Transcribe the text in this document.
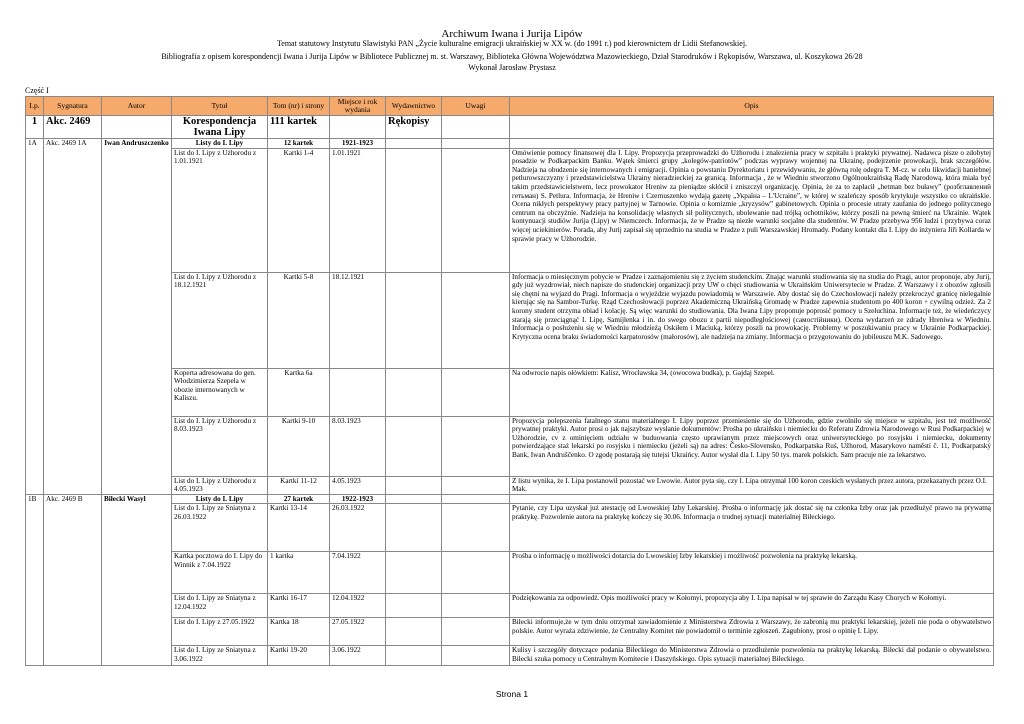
Archiwum Iwana i Jurija Lipów
Temat statutowy Instytutu Slawistyki PAN „Życie kulturalne emigracji ukraińskiej w XX w. (do 1991 r.) pod kierownictem dr Lidii Stefanowskiej.
Bibliografia z opisem korespondencji Iwana i Jurija Lipów w Bibliotece Publicznej m. st. Warszawy, Biblioteka Główna Województwa Mazowieckiego, Dział Starodruków i Rękopisów, Warszawa, ul. Koszykowa 26/28
Wykonał Jarosław Prystasz
Część I
Lp.	Sygnatura	Autor	Tytuł	Tom (nr) i strony	Miejsce i rok wydania	Wydawnictwo	Uwagi	Opis
1	Akc. 2469		Korespondencja Iwana Lipy	111 kartek		Rękopisy		
1A	Akc. 2469 1A	Iwan Andruszczenko	Listy do I. Lipy	12 kartek	1921-1923			
			List do I. Lipy z Użhorodu z 1.01.1921	Kartki 1-4	1.01.1921			Omówienie pomocy finansowej dla I. Lipy. Propozycja przeprowadzki do Użhorodu i znalezienia pracy w szpitalu i praktyki prywatnej. Nadawca pisze o zdobytej posadzie w Podkarpackim Banku. Wątek śmierci grupy „kolegów-patriotów” podczas wyprawy wojennej na Ukrainę, podejrzenie prowokacji, brak szczegółów. Nadzieja na obudzenie się internowanych i emigracji. Opinia o powstaniu Dyrektoriatu i przewidywaniu, że główną rolę odegra T. M-cz. w celu likwidacji haniebnej petlurowszczyzny i przedstawicielstwa Ukrainy nieradzieckiej za granicą. Informacja , że w Wiedniu stworzono Ogólnoukraińską Radę Narodową, która miała być takim przedstawicielstwem, lecz prowokator Hreniw za pieniądze skłócił i zniszczył organizację. Opinia, że za to zapłacił „hetman bez buławy” (розбглавлений гетьман) S. Petlura. Informacja, że Hreniw i Czernuszenko wydają gazetę „Україна – L'Ucraine”, w której w szaleńczy sposób krytykuje wszystko co ukraińskie. Ocena nikłych perspektywy pracy partyjnej w Tarnowie. Opinia o komizmie „kryzysów” gabinetowych. Opinia o procesie utraty zaufania do jednego politycznego centrum na obczyźnie. Nadzieja na konsolidację własnych sił politycznych, ubolewanie nad trójką ochotników, którzy poszli na pewną śmierć na Ukrainie. Wątek kontynuacji studiów Jurija (Lipy) w Niemczech. Informacja, że w Pradze są niezłe warunki socjalne dla studentów. W Pradze przebywa 956 ludzi i przybywa coraz więcej uciekinierów. Porada, aby Jurij zapisał się uprzednio na studia w Pradze z puli Warszawskiej Hromady. Podany kontakt dla I. Lipy do inżyniera Jiři Kollarda w sprawie pracy w Użhorodzie.
			List do I. Lipy z Użhorodu z 18.12.1921	Kartki 5-8	18.12.1921			Informacja o miesięcznym pobycie w Pradze i zaznajomieniu się z życiem studenckim. Znając warunki studiowania się na studia do Pragi, autor proponuje, aby Jurij, gdy już wyzdrowiał, niech napisze do studenckiej organizacji przy UW o chęci studiowania w Ukraińskim Uniwersytecie w Pradze. Z Warszawy i z obozów zgłosili się chętni na wyjazd do Pragi. Informacja o wyjeździe wyjazdu powiadomią w Warszawie. Aby dostać się do Czechosłowacji należy przekroczyć granicę nielegalnie kierując się na Sambor-Turkę. Rząd Czechosłowacji poprzez Akademiczną Ukraińską Gromadę w Pradze zapewnia studentom po 400 koron + cywilną odzież. Za 2 korony student otrzyma obiad i kolację. Są więc warunki do studiowania. Dla Iwana Lipy proponuje poprosić pomocy u Szełuchina. Informacje też, że wiedeńczycy starają się przeciągnąć I. Lipę, Samijlenka i in. do swego obozu z partii niepodległościowej (самостійники). Ocena wydarzeń ze zdrady Hreniwa w Wiedniu. Informacja o posłużeniu się w Wiedniu młodzieżą Oskiłem i Maciuką, którzy poszli na prowokację. Problemy w poszukiwaniu pracy w Ukrainie Podkarpackiej. Krytyczna ocena braku świadomości karpatorosów (małorosów), ale nadzieja na zmiany. Informacja o przygotowaniu do jubileuszu M.K. Sadowego.
			Koperta adresowana do gen. Włodzimierza Szepela w obozie internowanych w Kaliszu.	Kartka 6a				Na odwrocie napis ołówkiem: Kalisz, Wrocławska 34, (owocowa budka), p. Gajdaj Szepel.
			List do I. Lipy z Użhorodu z 8.03.1923	Kartki 9-10	8.03.1923			Propozycja polepszenia fatalnego stanu materialnego I. Lipy poprzez przeniesienie się do Użhorodu, gdzie zwolniło się miejsce w szpitalu, jest też możliwość prywatnej praktyki. Autor prosi o jak najszybsze wysłanie dokumentów: Prośba po ukraińsku i niemiecku do Referatu Zdrowia Narodowego w Rusi Podkarpackiej w Użhorodzie, cv z ominięciem udziału w buduowania często uprawianym przez miejscowych oraz uniwersyteckiego po rosyjsku i niemiecku, dokumenty potwierdzające staż lekarski po rosyjsku i niemiecku (jeżeli są) na adres: Česko-Slovensko, Podkarpatska Ruś, Užhorod, Masarykovo naměstí č. 11, Podkarpatský Bank, Iwan Andruščenko. O zgodę postarają się tutejsi Ukraińcy. Autor wysłał dla I. Lipy 50 tys. marek polskich. Sam pracuje nie za lekarstwo.
			List do I. Lipy z Użhorodu z 4.05.1923	Kartki 11-12	4.05.1923			Z listu wynika, że I. Lipa postanowił pozostać we Lwowie. Autor pyta się, czy I. Lipa otrzymał 100 koron czeskich wysłanych przez autora, przekazanych przez O.I. Mak.
1B	Akc. 2469 B	Biłecki Wasyl	Listy do I. Lipy	27 kartek	1922-1923			
			List do I. Lipy ze Sniatyna z 26.03.1922	Kartki 13-14	26.03.1922			Pytanie, czy Lipa uzyskał już atestację od Lwowskiej Izby Lekarskiej. Prośba o informację jak dostać się na członka Izby oraz jak przedłużyć prawo na prywatną praktykę. Pozwolenie autora na praktykę kończy się 30.06. Informacja o trudnej sytuacji materialnej Biłeckiego.
			Kartka pocztowa do I. Lipy do Winnik z 7.04.1922	1 kartka	7.04.1922			Prośba o informację o możliwości dotarcia do Lwowskiej Izby lekarskiej i możliwość pozwolenia na praktykę lekarską.
			List do I. Lipy ze Sniatyna z 12.04.1922	Kartki 16-17	12.04.1922			Podziękowania za odpowiedź. Opis możliwości pracy w Kołomyi, propozycja aby I. Lipa napisał w tej sprawie do Zarządu Kasy Chorych w Kołomyi.
			List do I. Lipy z 27.05.1922	Kartka 18	27.05.1922			Biłecki informuje,że w tym dniu otrzymał zawiadomienie z Ministerstwa Zdrowia z Warszawy, że zabronią mu praktyki lekarskiej, jeżeli nie poda o obywatelstwo polskie. Autor wyraża zdziwienie, że Centralny Komitet nie powiadomił o terminie zgłoszeń. Zagubiony, prosi o opinię I. Lipy.
			List do I. Lipy ze Sniatyna z 3.06.1922	Kartki 19-20	3.06.1922			Kulisy i szczegóły dotyczące podania Biłeckiego do Ministerstwa Zdrowia o przedłużenie pozwolenia na praktykę lekarską. Biłecki dał podanie o obywatelstwo. Biłecki szuka pomocy u Centralnym Komitecie i Daszyńskiego. Opis sytuacji materialnej Biłeckiego.
Strona 1
